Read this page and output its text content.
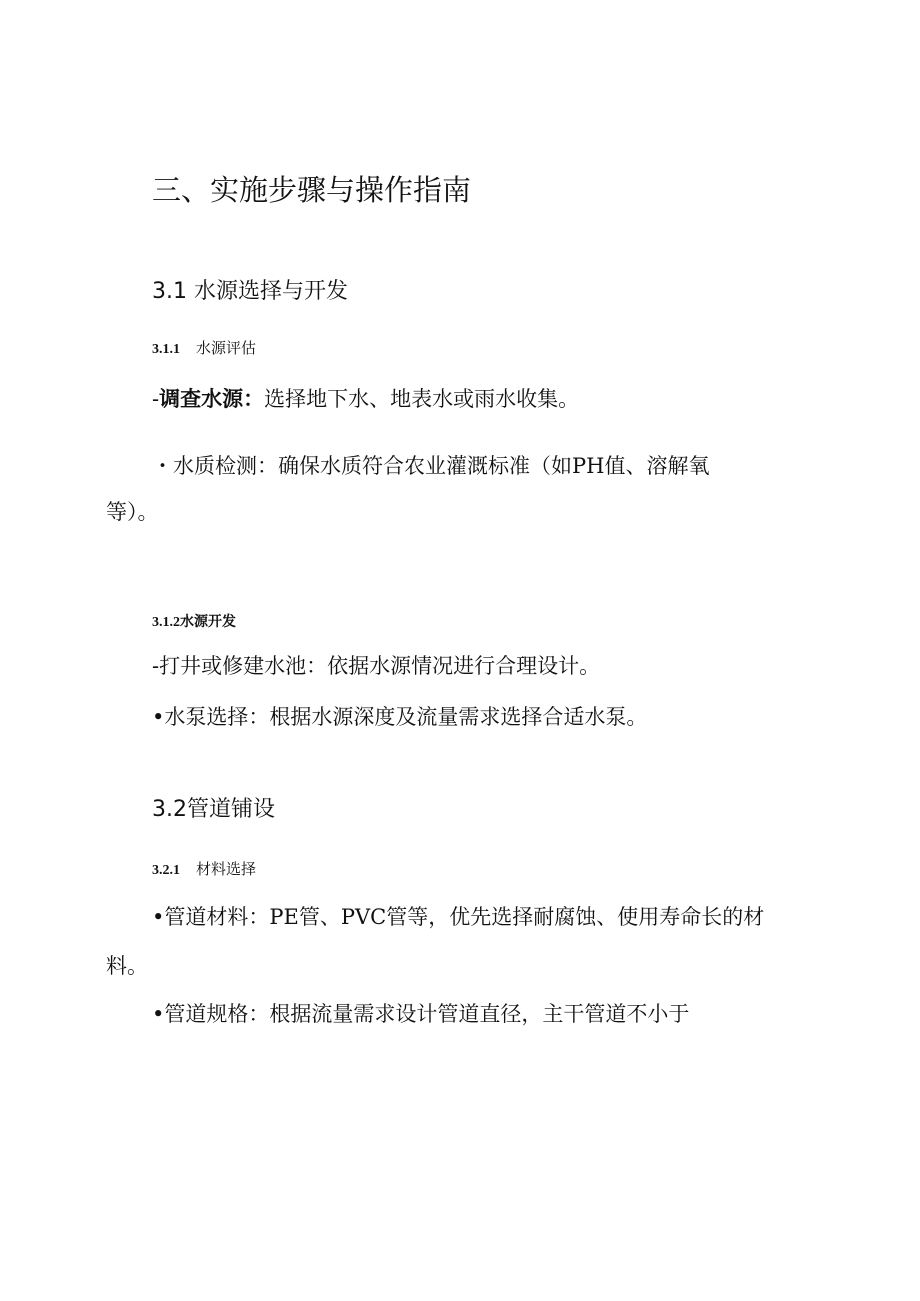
三、实施步骤与操作指南
3.1 水源选择与开发
3.1.1 水源评估
-调查水源：选择地下水、地表水或雨水收集。
・水质检测：确保水质符合农业灌溉标准（如PH值、溶解氧
等）。
3.1.2水源开发
-打井或修建水池：依据水源情况进行合理设计。
•水泵选择：根据水源深度及流量需求选择合适水泵。
3.2管道铺设
3.2.1 材料选择
•管道材料：PE管、PVC管等，优先选择耐腐蚀、使用寿命长的材
料。
•管道规格：根据流量需求设计管道直径，主干管道不小于
